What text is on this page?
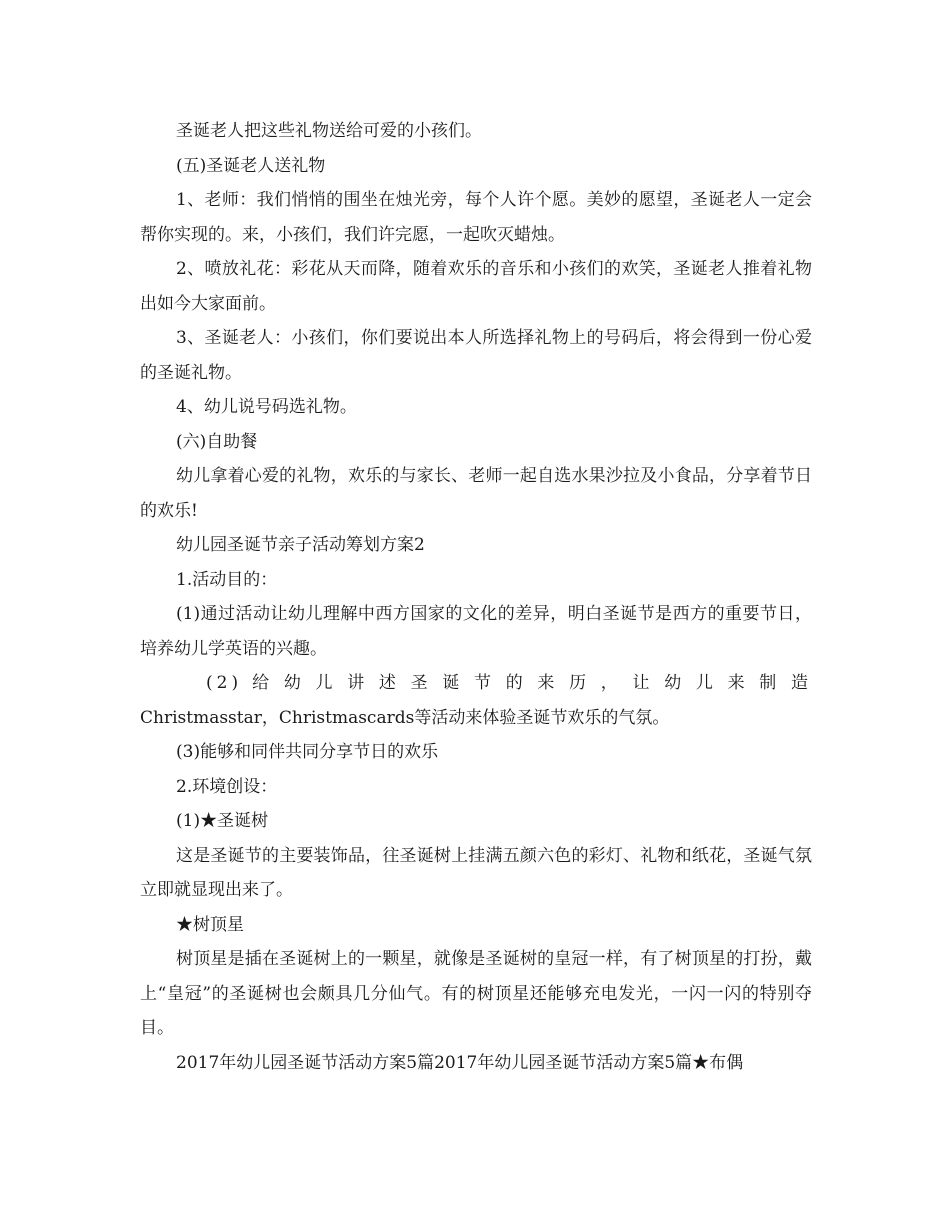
圣诞老人把这些礼物送给可爱的小孩们。

(五)圣诞老人送礼物

1、老师：我们悄悄的围坐在烛光旁，每个人许个愿。美妙的愿望，圣诞老人一定会帮你实现的。来，小孩们，我们许完愿，一起吹灭蜡烛。

2、喷放礼花：彩花从天而降，随着欢乐的音乐和小孩们的欢笑，圣诞老人推着礼物出如今大家面前。

3、圣诞老人：小孩们，你们要说出本人所选择礼物上的号码后，将会得到一份心爱的圣诞礼物。

4、幼儿说号码选礼物。

(六)自助餐

幼儿拿着心爱的礼物，欢乐的与家长、老师一起自选水果沙拉及小食品，分享着节日的欢乐!

幼儿园圣诞节亲子活动筹划方案2

1.活动目的：

(1)通过活动让幼儿理解中西方国家的文化的差异，明白圣诞节是西方的重要节日，培养幼儿学英语的兴趣。

(2) 给 幼 儿 讲 述 圣 诞 节 的 来 历 ， 让 幼 儿 来 制 造

Christmasstar，Christmascards等活动来体验圣诞节欢乐的气氛。

(3)能够和同伴共同分享节日的欢乐

2.环境创设：

(1)★圣诞树

这是圣诞节的主要装饰品，往圣诞树上挂满五颜六色的彩灯、礼物和纸花，圣诞气氛立即就显现出来了。

★树顶星

树顶星是插在圣诞树上的一颗星，就像是圣诞树的皇冠一样，有了树顶星的打扮，戴上“皇冠”的圣诞树也会颇具几分仙气。有的树顶星还能够充电发光，一闪一闪的特别夺目。

2017年幼儿园圣诞节活动方案5篇2017年幼儿园圣诞节活动方案5篇★布偶
